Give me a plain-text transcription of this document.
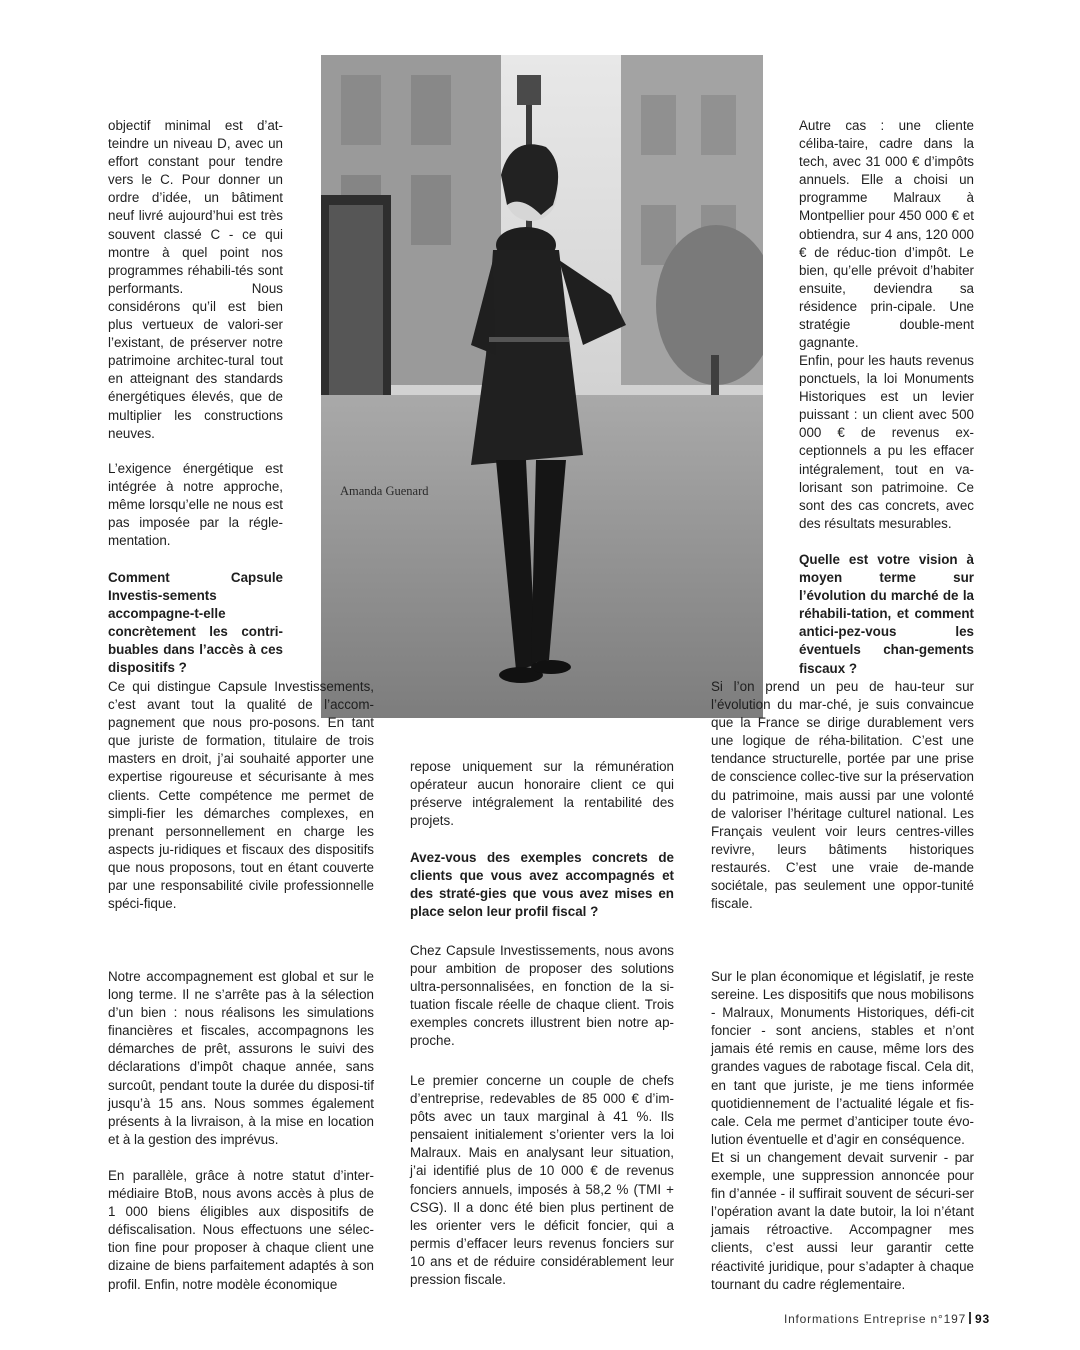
Amanda Guenard
objectif minimal est d’at-teindre un niveau D, avec un effort constant pour tendre vers le C. Pour donner un ordre d’idée, un bâtiment neuf livré aujourd’hui est très souvent classé C - ce qui montre à quel point nos programmes réhabili-tés sont performants. Nous considérons qu’il est bien plus vertueux de valori-ser l’existant, de préserver notre patrimoine architec-tural tout en atteignant des standards énergétiques élevés, que de multiplier les constructions neuves.
L’exigence énergétique est intégrée à notre approche, même lorsqu’elle ne nous est pas imposée par la régle-mentation.
Comment Capsule Investis-sements accompagne-t-elle concrètement les contri-buables dans l’accès à ces dispositifs ?
Ce qui distingue Capsule Investissements, c’est avant tout la qualité de l’accom-pagnement que nous pro-posons. En tant que juriste de formation, titulaire de trois masters en droit, j’ai souhaité apporter une expertise rigoureuse et sécurisante à mes clients. Cette compétence me permet de simpli-fier les démarches complexes, en prenant personnellement en charge les aspects ju-ridiques et fiscaux des dispositifs que nous proposons, tout en étant couverte par une responsabilité civile professionnelle spéci-fique.
Notre accompagnement est global et sur le long terme. Il ne s’arrête pas à la sélection d’un bien : nous réalisons les simulations financières et fiscales, accompagnons les démarches de prêt, assurons le suivi des déclarations d’impôt chaque année, sans surcoût, pendant toute la durée du disposi-tif jusqu’à 15 ans. Nous sommes également présents à la livraison, à la mise en location et à la gestion des imprévus.
En parallèle, grâce à notre statut d’inter-médiaire BtoB, nous avons accès à plus de 1 000 biens éligibles aux dispositifs de défiscalisation. Nous effectuons une sélec-tion fine pour proposer à chaque client une dizaine de biens parfaitement adaptés à son profil. Enfin, notre modèle économique
repose uniquement sur la rémunération opérateur aucun honoraire client ce qui préserve intégralement la rentabilité des projets.
Avez-vous des exemples concrets de clients que vous avez accompagnés et des straté-gies que vous avez mises en place selon leur profil fiscal ?
Chez Capsule Investissements, nous avons pour ambition de proposer des solutions ultra-personnalisées, en fonction de la si-tuation fiscale réelle de chaque client. Trois exemples concrets illustrent bien notre ap-proche.
Le premier concerne un couple de chefs d’entreprise, redevables de 85 000 € d’im-pôts avec un taux marginal à 41 %. Ils pensaient initialement s’orienter vers la loi Malraux. Mais en analysant leur situation, j’ai identifié plus de 10 000 € de revenus fonciers annuels, imposés à 58,2 % (TMI + CSG). Il a donc été bien plus pertinent de les orienter vers le déficit foncier, qui a permis d’effacer leurs revenus fonciers sur 10 ans et de réduire considérablement leur pression fiscale.
Autre cas : une cliente céliba-taire, cadre dans la tech, avec 31 000 € d’impôts annuels. Elle a choisi un programme Malraux à Montpellier pour 450 000 € et obtiendra, sur 4 ans, 120 000 € de réduc-tion d’impôt. Le bien, qu’elle prévoit d’habiter ensuite, deviendra sa résidence prin-cipale. Une stratégie double-ment gagnante.
Enfin, pour les hauts revenus ponctuels, la loi Monuments Historiques est un levier puissant : un client avec 500 000 € de revenus ex-ceptionnels a pu les effacer intégralement, tout en va-lorisant son patrimoine. Ce sont des cas concrets, avec des résultats mesurables.
Quelle est votre vision à moyen terme sur l’évolution du marché de la réhabili-tation, et comment antici-pez-vous les éventuels chan-gements fiscaux ?
Si l’on prend un peu de hau-teur sur l’évolution du mar-ché, je suis convaincue que la France se dirige durablement vers une logique de réha-bilitation. C’est une tendance structurelle, portée par une prise de conscience collec-tive sur la préservation du patrimoine, mais aussi par une volonté de valoriser l’héritage culturel national. Les Français veulent voir leurs centres-villes revivre, leurs bâtiments historiques restaurés. C’est une vraie de-mande sociétale, pas seulement une oppor-tunité fiscale.
Sur le plan économique et législatif, je reste sereine. Les dispositifs que nous mobilisons - Malraux, Monuments Historiques, défi-cit foncier - sont anciens, stables et n’ont jamais été remis en cause, même lors des grandes vagues de rabotage fiscal. Cela dit, en tant que juriste, je me tiens informée quotidiennement de l’actualité légale et fis-cale. Cela me permet d’anticiper toute évo-lution éventuelle et d’agir en conséquence.
Et si un changement devait survenir - par exemple, une suppression annoncée pour fin d’année - il suffirait souvent de sécuri-ser l’opération avant la date butoir, la loi n’étant jamais rétroactive. Accompagner mes clients, c’est aussi leur garantir cette réactivité juridique, pour s’adapter à chaque tournant du cadre réglementaire.
Informations Entreprise n°197 93
